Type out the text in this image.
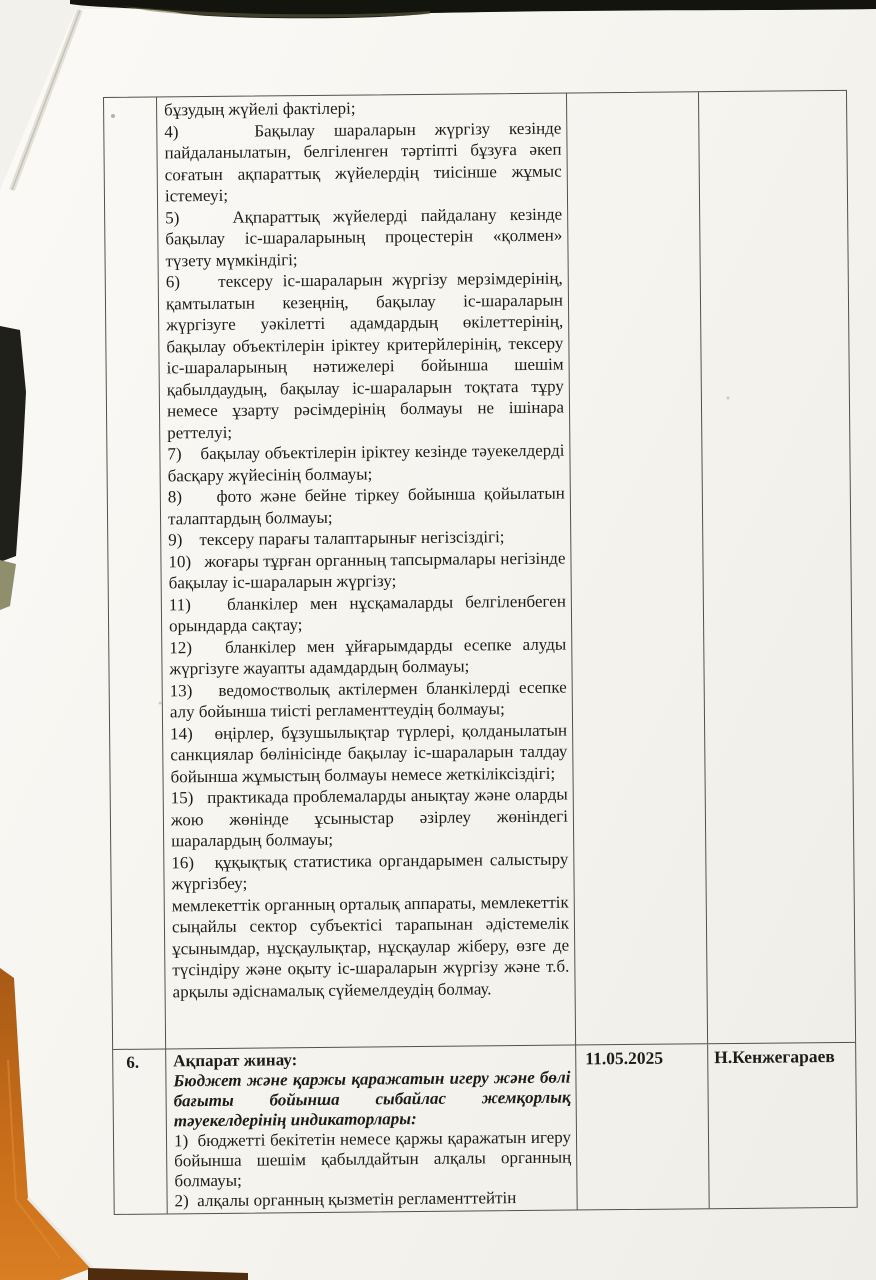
бұзудың жүйелі фактілері;

4)    Бақылау шараларын жүргізу кезінде пайдаланылатын, белгіленген тәртіпті бұзуға әкеп соғатын ақпараттық жүйелердің тиісінше жұмыс істемеуі;

5)    Ақпараттық жүйелерді пайдалану кезінде бақылау іс-шараларының процестерін «қолмен» түзету мүмкіндігі;

6)    тексеру іс-шараларын жүргізу мерзімдерінің, қамтылатын кезеңнің, бақылау іс-шараларын жүргізуге уәкілетті адамдардың өкілеттерінің, бақылау объектілерін іріктеу критерйлерінің, тексеру іс-шараларының нәтижелері бойынша шешім қабылдаудың, бақылау іс-шараларын тоқтата тұру немесе ұзарту рәсімдерінің болмауы не ішінара реттелуі;

7)    бақылау объектілерін іріктеу кезінде тәуекелдерді басқару жүйесінің болмауы;

8)    фото және бейне тіркеу бойынша қойылатын талаптардың болмауы;

9)    тексеру парағы талаптарынығ негізсіздігі;

10)   жоғары тұрған органның тапсырмалары негізінде бақылау іс-шараларын жүргізу;

11)   бланкілер мен нұсқамаларды белгіленбеген орындарда сақтау;

12)   бланкілер мен ұйғарымдарды есепке алуды жүргізуге жауапты адамдардың болмауы;

13)   ведомостволық актілермен бланкілерді есепке алу бойынша тиісті регламенттеудің болмауы;

14)   өңірлер, бұзушылықтар түрлері, қолданылатын санкциялар бөлінісінде бақылау іс-шараларын талдау бойынша жұмыстың болмауы немесе жеткіліксіздігі;

15)   практикада проблемаларды анықтау және оларды жою жөнінде ұсыныстар әзірлеу жөніндегі шаралардың болмауы;

16)   құқықтық статистика органдарымен салыстыру жүргізбеу;

мемлекеттік органның орталық аппараты, мемлекеттік сыңайлы сектор субъектісі тарапынан әдістемелік ұсынымдар, нұсқаулықтар, нұсқаулар жіберу, өзге де түсіндіру және оқыту іс-шараларын жүргізу және т.б. арқылы әдіснамалық сүйемелдеудің болмау.

6.	Ақпарат жинау:

Бюджет және қаржы қаражатын игеру және бөлі бағыты бойынша сыбайлас жемқорлық тәуекелдерінің индикаторлары:

1)  бюджетті бекітетін немесе қаржы қаражатын игеру бойынша шешім қабылдайтын алқалы органның болмауы;

2)  алқалы органның қызметін регламенттейтін

11.05.2025	Н.Кенжегараев
